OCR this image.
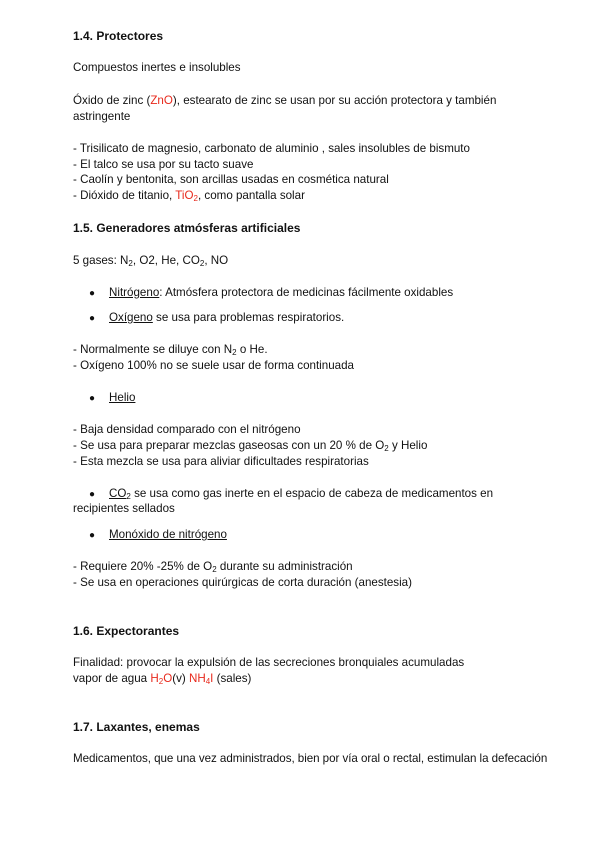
1.4. Protectores
Compuestos inertes e insolubles
Óxido de zinc (ZnO), estearato de zinc se usan por su acción protectora y también
astringente
- Trisilicato de magnesio, carbonato de aluminio , sales insolubles de bismuto
- El talco se usa por su tacto suave
- Caolín y bentonita, son arcillas usadas en cosmética natural
- Dióxido de titanio, TiO$_2$, como pantalla solar
1.5. Generadores atmósferas artificiales
5 gases: $N_2$, O2, He, $CO_2$, NO
● Nitrógeno: Atmósfera protectora de medicinas fácilmente oxidables
● Oxígeno se usa para problemas respiratorios.
- Normalmente se diluye con $N_2$ o He.
- Oxígeno 100% no se suele usar de forma continuada
● Helio
- Baja densidad comparado con el nitrógeno
- Se usa para preparar mezclas gaseosas con un 20 % de $O_2$ y Helio
- Esta mezcla se usa para aliviar dificultades respiratorias
● $CO_2$ se usa como gas inerte en el espacio de cabeza de medicamentos en
recipientes sellados
● Monóxido de nitrógeno
- Requiere 20% -25% de $O_2$ durante su administración
- Se usa en operaciones quirúrgicas de corta duración (anestesia)
1.6. Expectorantes
Finalidad: provocar la expulsión de las secreciones bronquiales acumuladas
vapor de agua $H_2O(v)$ $NH_4I$ (sales)
1.7. Laxantes, enemas
Medicamentos, que una vez administrados, bien por vía oral o rectal, estimulan la defecación
